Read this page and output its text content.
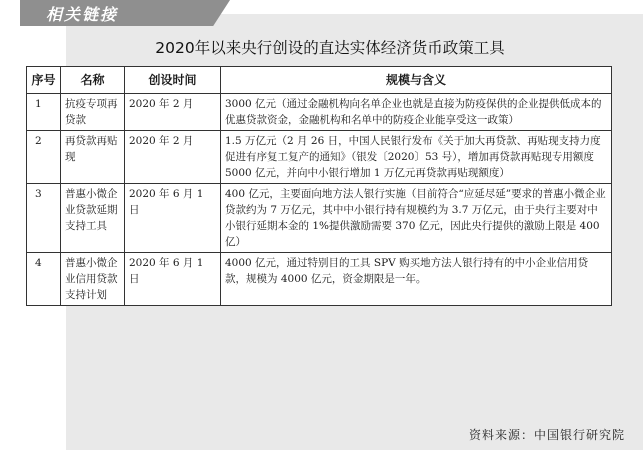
相关链接
2020年以来央行创设的直达实体经济货币政策工具
序号	名称	创设时间	规模与含义
1	抗疫专项再贷款	2020 年 2 月	3000 亿元（通过金融机构向名单企业也就是直接为防疫保供的企业提供低成本的优惠贷款资金，金融机构和名单中的防疫企业能享受这一政策）
2	再贷款再贴现	2020 年 2 月	1.5 万亿元（2 月 26 日，中国人民银行发布《关于加大再贷款、再贴现支持力度促进有序复工复产的通知》（银发〔2020〕53 号），增加再贷款再贴现专用额度 5000 亿元，并向中小银行增加 1 万亿元再贷款再贴现额度）
3	普惠小微企业贷款延期支持工具	2020 年 6 月 1 日	400 亿元，主要面向地方法人银行实施（目前符合“应延尽延”要求的普惠小微企业贷款约为 7 万亿元，其中中小银行持有规模约为 3.7 万亿元，由于央行主要对中小银行延期本金的 1%提供激励需要 370 亿元，因此央行提供的激励上限是 400 亿）
4	普惠小微企业信用贷款支持计划	2020 年 6 月 1 日	4000 亿元，通过特别目的工具 SPV 购买地方法人银行持有的中小企业信用贷款，规模为 4000 亿元，资金期限是一年。
资料来源：中国银行研究院
